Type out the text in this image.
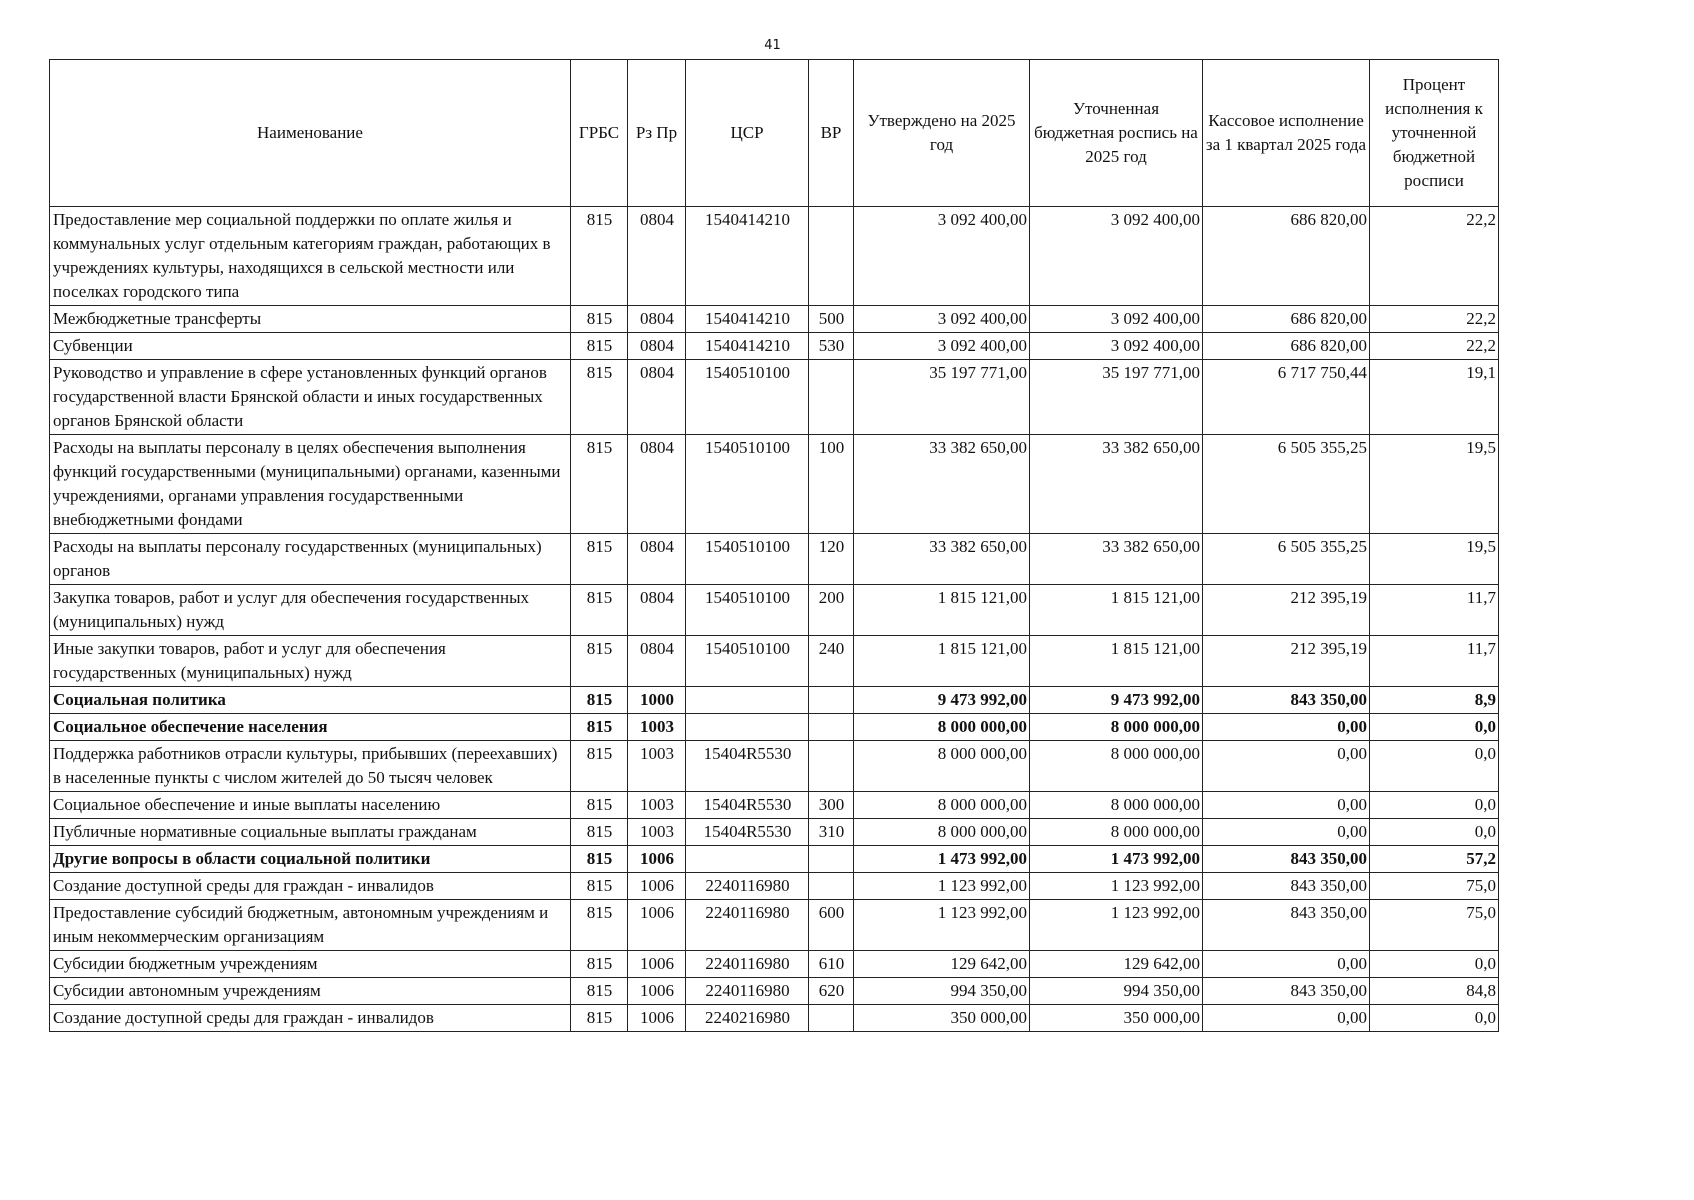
41
Наименование	ГРБС	Рз Пр	ЦСР	ВР	Утверждено на 2025 год	Уточненная бюджетная роспись на 2025 год	Кассовое исполнение за 1 квартал 2025 года	Процент исполнения к уточненной бюджетной росписи
Предоставление мер социальной поддержки по оплате жилья и коммунальных услуг отдельным категориям граждан, работающих в учреждениях культуры, находящихся в сельской местности или поселках городского типа	815	0804	1540414210		3 092 400,00	3 092 400,00	686 820,00	22,2
Межбюджетные трансферты	815	0804	1540414210	500	3 092 400,00	3 092 400,00	686 820,00	22,2
Субвенции	815	0804	1540414210	530	3 092 400,00	3 092 400,00	686 820,00	22,2
Руководство и управление в сфере установленных функций органов государственной власти Брянской области и иных государственных органов Брянской области	815	0804	1540510100		35 197 771,00	35 197 771,00	6 717 750,44	19,1
Расходы на выплаты персоналу в целях обеспечения выполнения функций государственными (муниципальными) органами, казенными учреждениями, органами управления государственными внебюджетными фондами	815	0804	1540510100	100	33 382 650,00	33 382 650,00	6 505 355,25	19,5
Расходы на выплаты персоналу государственных (муниципальных) органов	815	0804	1540510100	120	33 382 650,00	33 382 650,00	6 505 355,25	19,5
Закупка товаров, работ и услуг для обеспечения государственных (муниципальных) нужд	815	0804	1540510100	200	1 815 121,00	1 815 121,00	212 395,19	11,7
Иные закупки товаров, работ и услуг для обеспечения государственных (муниципальных) нужд	815	0804	1540510100	240	1 815 121,00	1 815 121,00	212 395,19	11,7
Социальная политика	815	1000			9 473 992,00	9 473 992,00	843 350,00	8,9
Социальное обеспечение населения	815	1003			8 000 000,00	8 000 000,00	0,00	0,0
Поддержка работников отрасли культуры, прибывших (переехавших) в населенные пункты с числом жителей до 50 тысяч человек	815	1003	15404R5530		8 000 000,00	8 000 000,00	0,00	0,0
Социальное обеспечение и иные выплаты населению	815	1003	15404R5530	300	8 000 000,00	8 000 000,00	0,00	0,0
Публичные нормативные социальные выплаты гражданам	815	1003	15404R5530	310	8 000 000,00	8 000 000,00	0,00	0,0
Другие вопросы в области социальной политики	815	1006			1 473 992,00	1 473 992,00	843 350,00	57,2
Создание доступной среды для граждан - инвалидов	815	1006	2240116980		1 123 992,00	1 123 992,00	843 350,00	75,0
Предоставление субсидий бюджетным, автономным учреждениям и иным некоммерческим организациям	815	1006	2240116980	600	1 123 992,00	1 123 992,00	843 350,00	75,0
Субсидии бюджетным учреждениям	815	1006	2240116980	610	129 642,00	129 642,00	0,00	0,0
Субсидии автономным учреждениям	815	1006	2240116980	620	994 350,00	994 350,00	843 350,00	84,8
Создание доступной среды для граждан - инвалидов	815	1006	2240216980		350 000,00	350 000,00	0,00	0,0
